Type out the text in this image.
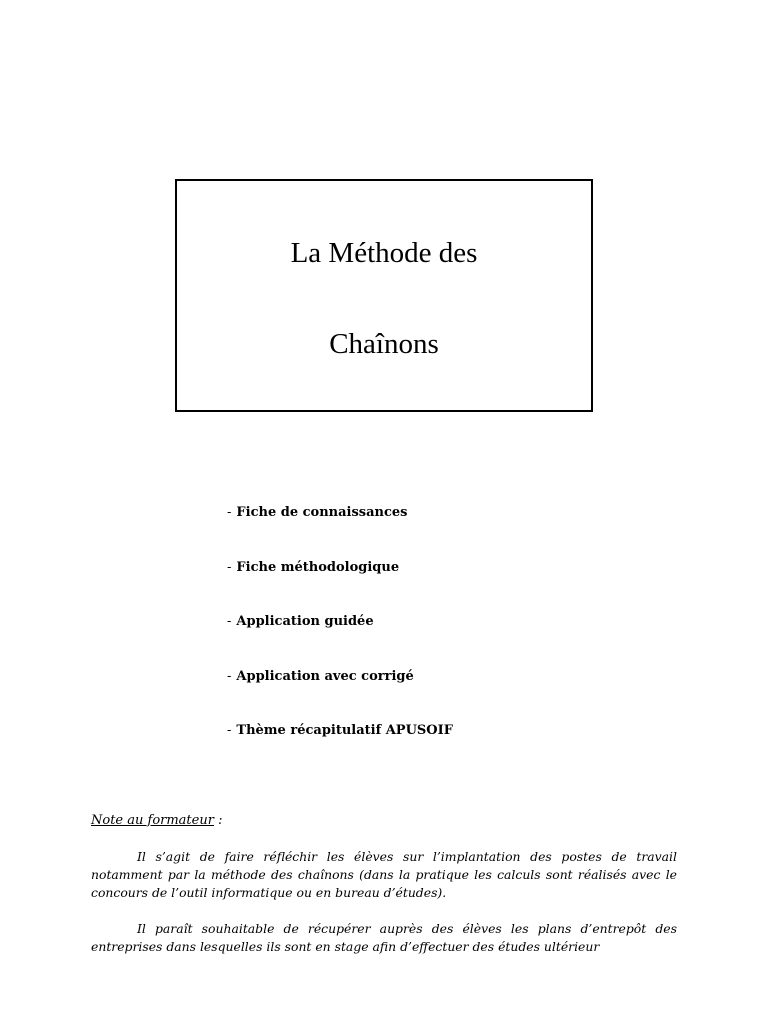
La Méthode des
Chaînons
- Fiche de connaissances
- Fiche méthodologique
- Application guidée
- Application avec corrigé
- Thème récapitulatif APUSOIF
Note au formateur :

Il s’agit de faire réfléchir les élèves sur l’implantation des postes de travail notamment par la méthode des chaînons (dans la pratique les calculs sont réalisés avec le concours de l’outil informatique ou en bureau d’études).

Il paraît souhaitable de récupérer auprès des élèves les plans d’entrepôt des entreprises dans lesquelles ils sont en stage afin d’effectuer des études ultérieur
